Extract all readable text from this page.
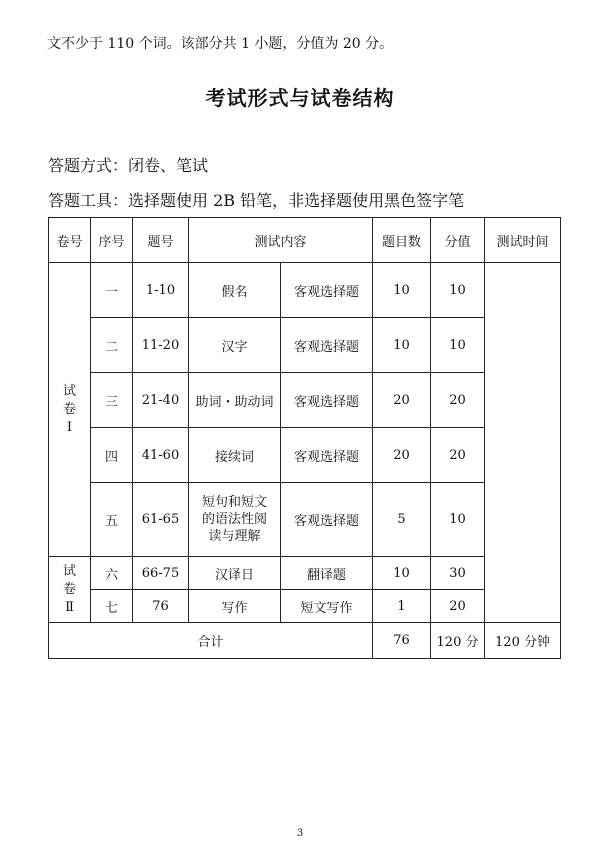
文不少于 110 个词。该部分共 1 小题，分值为 20 分。
考试形式与试卷结构
答题方式：闭卷、笔试
答题工具：选择题使用 2B 铅笔，非选择题使用黑色签字笔
卷号	序号	题号	测试内容		题目数	分值	测试时间
试
卷
Ⅰ	一	1-10	假名	客观选择题	10	10	
	二	11-20	汉字	客观选择题	10	10	
	三	21-40	助词・助动词	客观选择题	20	20	
	四	41-60	接续词	客观选择题	20	20	
	五	61-65	短句和短文
的语法性阅
读与理解	客观选择题	5	10	
试
卷
Ⅱ	六	66-75	汉译日	翻译题	10	30	
	七	76	写作	短文写作	1	20	
合计					76	120 分	120 分钟
3
